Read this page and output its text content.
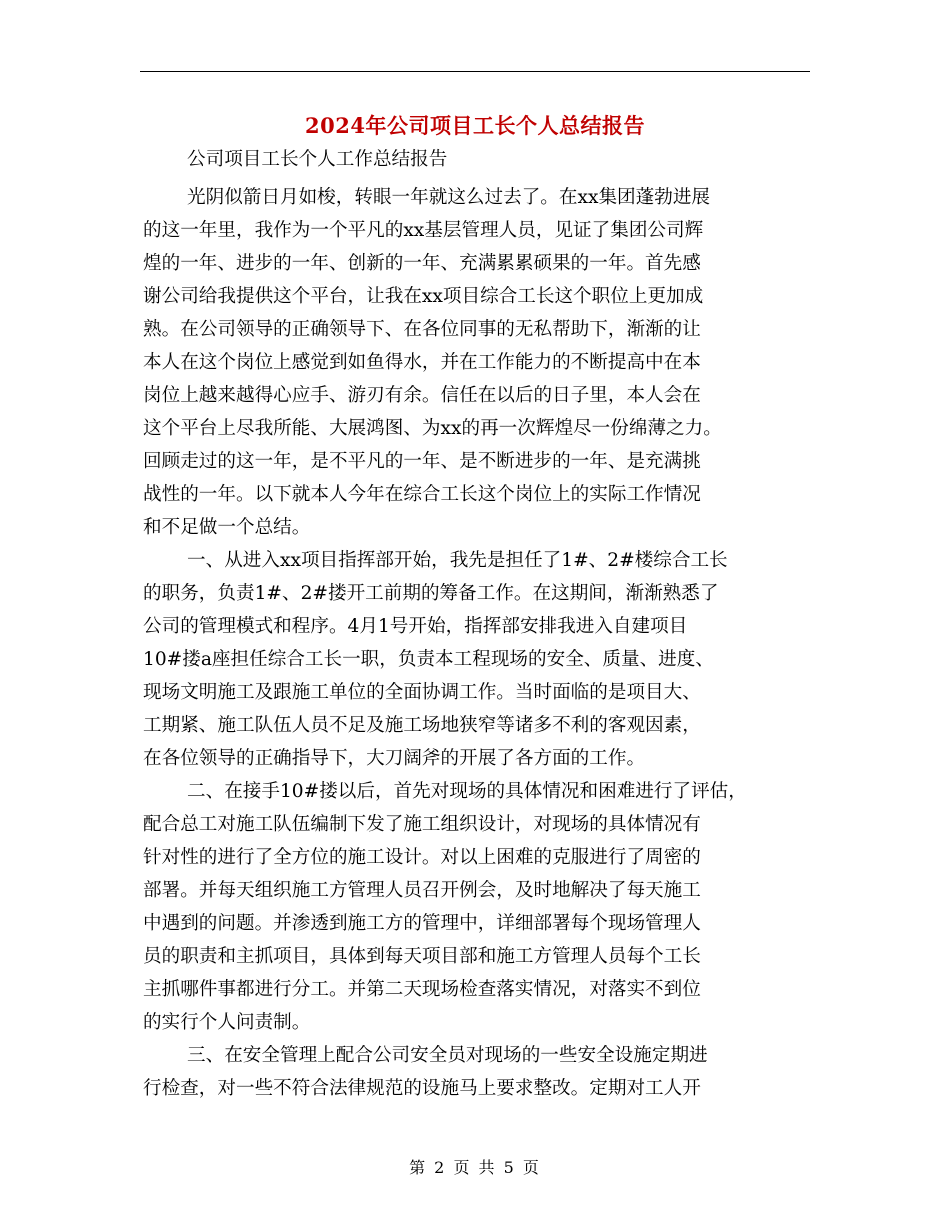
2024年公司项目工长个人总结报告
公司项目工长个人工作总结报告
光阴似箭日月如梭，转眼一年就这么过去了。在xx集团蓬勃进展
的这一年里，我作为一个平凡的xx基层管理人员，见证了集团公司辉
煌的一年、进步的一年、创新的一年、充满累累硕果的一年。首先感
谢公司给我提供这个平台，让我在xx项目综合工长这个职位上更加成
熟。在公司领导的正确领导下、在各位同事的无私帮助下，渐渐的让
本人在这个岗位上感觉到如鱼得水，并在工作能力的不断提高中在本
岗位上越来越得心应手、游刃有余。信任在以后的日子里，本人会在
这个平台上尽我所能、大展鸿图、为xx的再一次辉煌尽一份绵薄之力。
回顾走过的这一年，是不平凡的一年、是不断进步的一年、是充满挑
战性的一年。以下就本人今年在综合工长这个岗位上的实际工作情况
和不足做一个总结。
一、从进入xx项目指挥部开始，我先是担任了1#、2#楼综合工长
的职务，负责1#、2#搂开工前期的筹备工作。在这期间，渐渐熟悉了
公司的管理模式和程序。4月1号开始，指挥部安排我进入自建项目
10#搂a座担任综合工长一职，负责本工程现场的安全、质量、进度、
现场文明施工及跟施工单位的全面协调工作。当时面临的是项目大、
工期紧、施工队伍人员不足及施工场地狭窄等诸多不利的客观因素，
在各位领导的正确指导下，大刀阔斧的开展了各方面的工作。
二、在接手10#搂以后，首先对现场的具体情况和困难进行了评估，
配合总工对施工队伍编制下发了施工组织设计，对现场的具体情况有
针对性的进行了全方位的施工设计。对以上困难的克服进行了周密的
部署。并每天组织施工方管理人员召开例会，及时地解决了每天施工
中遇到的问题。并渗透到施工方的管理中，详细部署每个现场管理人
员的职责和主抓项目，具体到每天项目部和施工方管理人员每个工长
主抓哪件事都进行分工。并第二天现场检查落实情况，对落实不到位
的实行个人问责制。
三、在安全管理上配合公司安全员对现场的一些安全设施定期进
行检查，对一些不符合法律规范的设施马上要求整改。定期对工人开
第 2 页 共 5 页
